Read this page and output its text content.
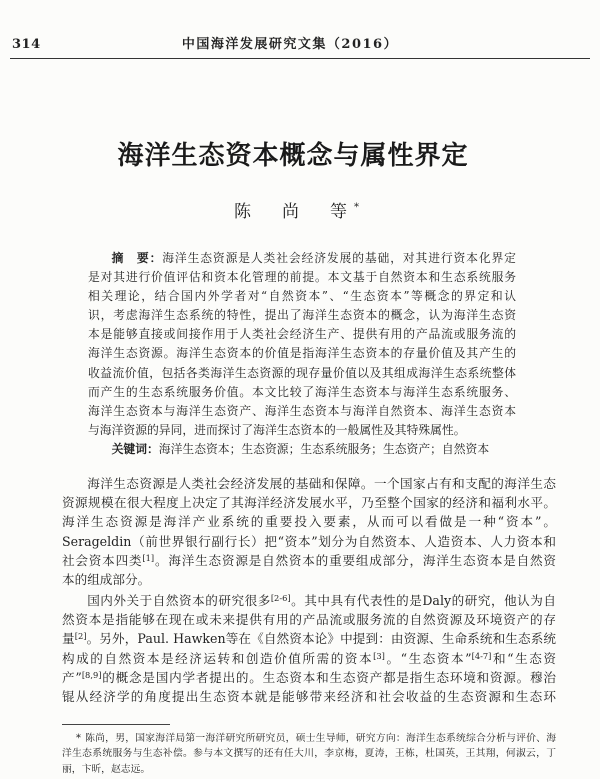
314	中国海洋发展研究文集（2016）
海洋生态资本概念与属性界定
陈　尚　等*
摘　要：海洋生态资源是人类社会经济发展的基础，对其进行资本化界定
是对其进行价值评估和资本化管理的前提。本文基于自然资本和生态系统服务
相关理论，结合国内外学者对“自然资本”、“生态资本”等概念的界定和认
识，考虑海洋生态系统的特性，提出了海洋生态资本的概念，认为海洋生态资
本是能够直接或间接作用于人类社会经济生产、提供有用的产品流或服务流的
海洋生态资源。海洋生态资本的价值是指海洋生态资本的存量价值及其产生的
收益流价值，包括各类海洋生态资源的现存量价值以及其组成海洋生态系统整体
而产生的生态系统服务价值。本文比较了海洋生态资本与海洋生态系统服务、
海洋生态资本与海洋生态资产、海洋生态资本与海洋自然资本、海洋生态资本
与海洋资源的异同，进而探讨了海洋生态资本的一般属性及其特殊属性。
关键词：海洋生态资本；生态资源；生态系统服务；生态资产；自然资本
海洋生态资源是人类社会经济发展的基础和保障。一个国家占有和支配的海洋生态
资源规模在很大程度上决定了其海洋经济发展水平，乃至整个国家的经济和福利水平。
海洋生态资源是海洋产业系统的重要投入要素，从而可以看做是一种“资本”。
Serageldin（前世界银行副行长）把“资本”划分为自然资本、人造资本、人力资本和
社会资本四类[1]。海洋生态资源是自然资本的重要组成部分，海洋生态资本是自然资
本的组成部分。
国内外关于自然资本的研究很多[2-6]。其中具有代表性的是Daly的研究，他认为自
然资本是指能够在现在或未来提供有用的产品流或服务流的自然资源及环境资产的存
量[2]。另外，Paul. Hawken等在《自然资本论》中提到：由资源、生命系统和生态系统
构成的自然资本是经济运转和创造价值所需的资本[3]。“生态资本”[4-7]和“生态资
产”[8,9]的概念是国内学者提出的。生态资本和生态资产都是指生态环境和资源。穆治
锟从经济学的角度提出生态资本就是能够带来经济和社会收益的生态资源和生态环
* 陈尚，男，国家海洋局第一海洋研究所研究员，硕士生导师，研究方向：海洋生态系统综合分析与评价、海
洋生态系统服务与生态补偿。参与本文撰写的还有任大川，李京梅，夏涛，王栋，杜国英，王其翔，何淑云，丁
丽，卞昕，赵志远。
